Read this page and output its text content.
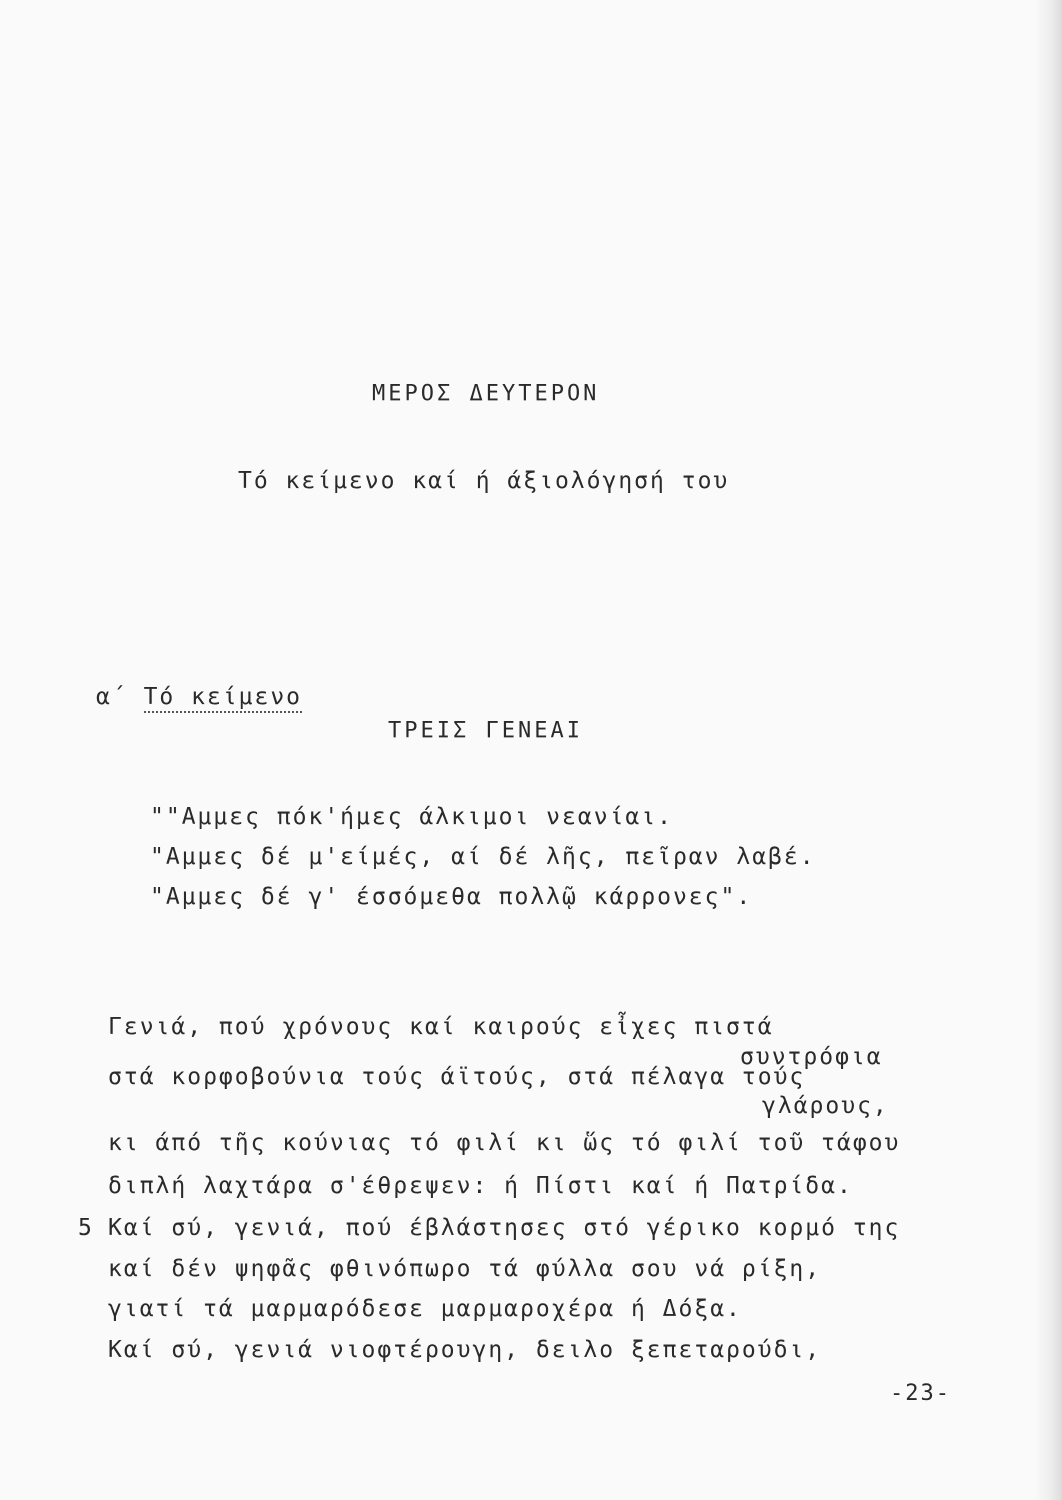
ΜΕΡΟΣ ΔΕΥΤΕΡΟΝ
Τό κείμενο καί ή άξιολόγησή του
α΄ Τό κείμενο
ΤΡΕΙΣ ΓΕΝΕΑΙ
""Αμμες πόκ'ήμες άλκιμοι νεανίαι.
"Αμμες δέ μ'είμές, αί δέ λῆς, πεῖραν λαβέ.
"Αμμες δέ γ' έσσόμεθα πολλῷ κάρρονες".
Γενιά, πού χρόνους καί καιρούς εἶχες πιστά
συντρόφια
στά κορφοβούνια τούς άϊτούς, στά πέλαγα τούς
γλάρους,
κι άπό τῆς κούνιας τό φιλί κι ὥς τό φιλί τοῦ τάφου
διπλή λαχτάρα σ'έθρεψεν: ή Πίστι καί ή Πατρίδα.
5 Καί σύ, γενιά, πού έβλάστησες στό γέρικο κορμό της
καί δέν ψηφᾶς φθινόπωρο τά φύλλα σου νά ρίξη,
γιατί τά μαρμαρόδεσε μαρμαροχέρα ή Δόξα.
Καί σύ, γενιά νιοφτέρουγη, δειλο ξεπεταρούδι,
-23-
